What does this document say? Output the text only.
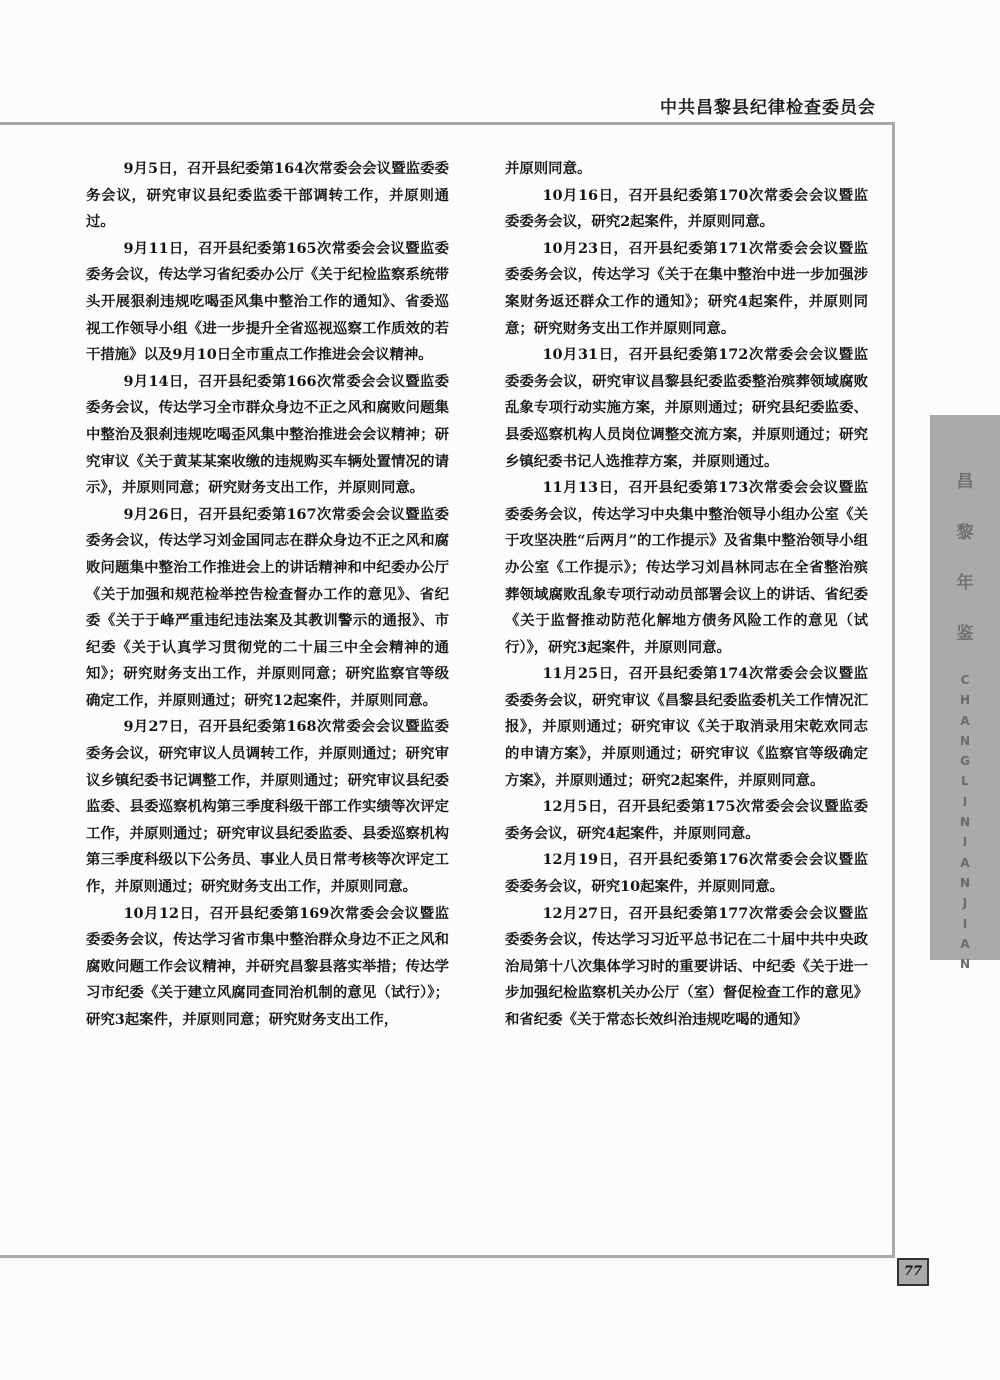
中共昌黎县纪律检查委员会

9月5日，召开县纪委第164次常委会会议暨监委委务会议，研究审议县纪委监委干部调转工作，并原则通过。

9月11日，召开县纪委第165次常委会会议暨监委委务会议，传达学习省纪委办公厅《关于纪检监察系统带头开展狠刹违规吃喝歪风集中整治工作的通知》、省委巡视工作领导小组《进一步提升全省巡视巡察工作质效的若干措施》以及9月10日全市重点工作推进会会议精神。

9月14日，召开县纪委第166次常委会会议暨监委委务会议，传达学习全市群众身边不正之风和腐败问题集中整治及狠刹违规吃喝歪风集中整治推进会会议精神；研究审议《关于黄某某案收缴的违规购买车辆处置情况的请示》，并原则同意；研究财务支出工作，并原则同意。

9月26日，召开县纪委第167次常委会会议暨监委委务会议，传达学习刘金国同志在群众身边不正之风和腐败问题集中整治工作推进会上的讲话精神和中纪委办公厅《关于加强和规范检举控告检查督办工作的意见》、省纪委《关于于峰严重违纪违法案及其教训警示的通报》、市纪委《关于认真学习贯彻党的二十届三中全会精神的通知》；研究财务支出工作，并原则同意；研究监察官等级确定工作，并原则通过；研究12起案件，并原则同意。

9月27日，召开县纪委第168次常委会会议暨监委委务会议，研究审议人员调转工作，并原则通过；研究审议乡镇纪委书记调整工作，并原则通过；研究审议县纪委监委、县委巡察机构第三季度科级干部工作实绩等次评定工作，并原则通过；研究审议县纪委监委、县委巡察机构第三季度科级以下公务员、事业人员日常考核等次评定工作，并原则通过；研究财务支出工作，并原则同意。

10月12日，召开县纪委第169次常委会会议暨监委委务会议，传达学习省市集中整治群众身边不正之风和腐败问题工作会议精神，并研究昌黎县落实举措；传达学习市纪委《关于建立风腐同查同治机制的意见（试行）》；研究3起案件，并原则同意；研究财务支出工作，

并原则同意。

10月16日，召开县纪委第170次常委会会议暨监委委务会议，研究2起案件，并原则同意。

10月23日，召开县纪委第171次常委会会议暨监委委务会议，传达学习《关于在集中整治中进一步加强涉案财务返还群众工作的通知》；研究4起案件，并原则同意；研究财务支出工作并原则同意。

10月31日，召开县纪委第172次常委会会议暨监委委务会议，研究审议昌黎县纪委监委整治殡葬领域腐败乱象专项行动实施方案，并原则通过；研究县纪委监委、县委巡察机构人员岗位调整交流方案，并原则通过；研究乡镇纪委书记人选推荐方案，并原则通过。

11月13日，召开县纪委第173次常委会会议暨监委委务会议，传达学习中央集中整治领导小组办公室《关于攻坚决胜“后两月”的工作提示》及省集中整治领导小组办公室《工作提示》；传达学习刘昌林同志在全省整治殡葬领域腐败乱象专项行动动员部署会议上的讲话、省纪委《关于监督推动防范化解地方债务风险工作的意见（试行）》，研究3起案件，并原则同意。

11月25日，召开县纪委第174次常委会会议暨监委委务会议，研究审议《昌黎县纪委监委机关工作情况汇报》，并原则通过；研究审议《关于取消录用宋乾欢同志的申请方案》，并原则通过；研究审议《监察官等级确定方案》，并原则通过；研究2起案件，并原则同意。

12月5日，召开县纪委第175次常委会会议暨监委委务会议，研究4起案件，并原则同意。

12月19日，召开县纪委第176次常委会会议暨监委委务会议，研究10起案件，并原则同意。

12月27日，召开县纪委第177次常委会会议暨监委委务会议，传达学习习近平总书记在二十届中共中央政治局第十八次集体学习时的重要讲话、中纪委《关于进一步加强纪检监察机关办公厅（室）督促检查工作的意见》和省纪委《关于常态长效纠治违规吃喝的通知》

昌
黎
年
鉴
C
H
A
N
G
L
I
N
I
A
N
J
I
A
N
77
